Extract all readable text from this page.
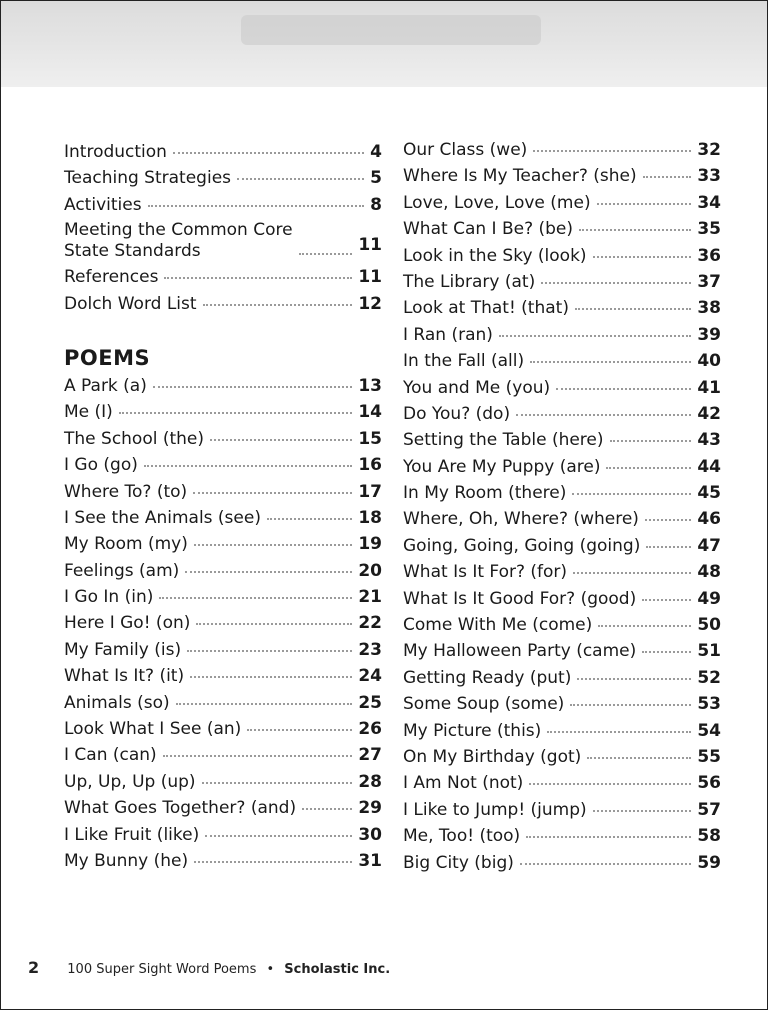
Introduction	4
Teaching Strategies	5
Activities	8
Meeting the Common Core
State Standards	11
References	11
Dolch Word List	12
POEMS
A Park (a)	13
Me (I)	14
The School (the)	15
I Go (go)	16
Where To? (to)	17
I See the Animals (see)	18
My Room (my)	19
Feelings (am)	20
I Go In (in)	21
Here I Go! (on)	22
My Family (is)	23
What Is It? (it)	24
Animals (so)	25
Look What I See (an)	26
I Can (can)	27
Up, Up, Up (up)	28
What Goes Together? (and)	29
I Like Fruit (like)	30
My Bunny (he)	31
Our Class (we)	32
Where Is My Teacher? (she)	33
Love, Love, Love (me)	34
What Can I Be? (be)	35
Look in the Sky (look)	36
The Library (at)	37
Look at That! (that)	38
I Ran (ran)	39
In the Fall (all)	40
You and Me (you)	41
Do You? (do)	42
Setting the Table (here)	43
You Are My Puppy (are)	44
In My Room (there)	45
Where, Oh, Where? (where)	46
Going, Going, Going (going)	47
What Is It For? (for)	48
What Is It Good For? (good)	49
Come With Me (come)	50
My Halloween Party (came)	51
Getting Ready (put)	52
Some Soup (some)	53
My Picture (this)	54
On My Birthday (got)	55
I Am Not (not)	56
I Like to Jump! (jump)	57
Me, Too! (too)	58
Big City (big)	59
2 100 Super Sight Word Poems • Scholastic Inc.
